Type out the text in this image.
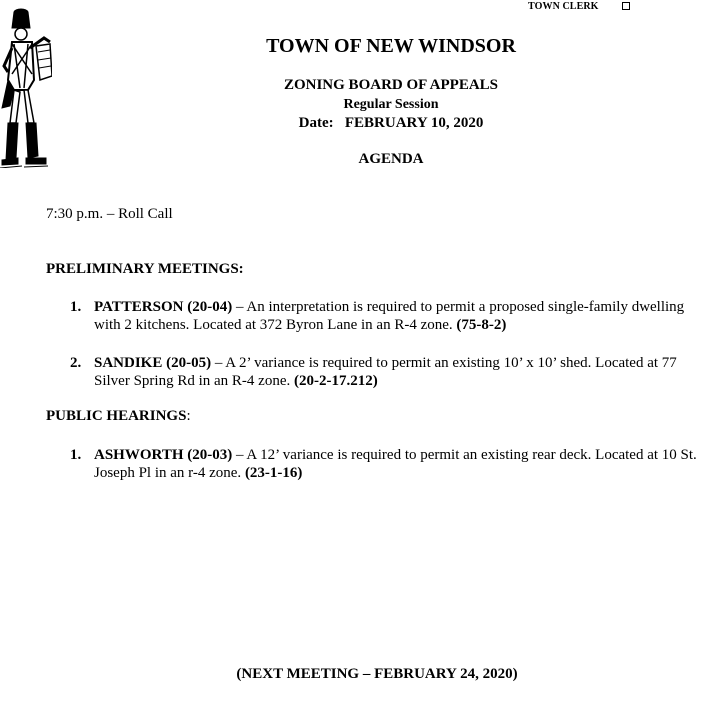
TOWN CLERK
TOWN OF NEW WINDSOR
ZONING BOARD OF APPEALS
Regular Session
Date: FEBRUARY 10, 2020
AGENDA
7:30 p.m. – Roll Call
PRELIMINARY MEETINGS:
1. PATTERSON (20-04) – An interpretation is required to permit a proposed single-family dwelling with 2 kitchens. Located at 372 Byron Lane in an R-4 zone. (75-8-2)
2. SANDIKE (20-05) – A 2’ variance is required to permit an existing 10’ x 10’ shed. Located at 77 Silver Spring Rd in an R-4 zone. (20-2-17.212)
PUBLIC HEARINGS:
1. ASHWORTH (20-03) – A 12’ variance is required to permit an existing rear deck. Located at 10 St. Joseph Pl in an r-4 zone. (23-1-16)
(NEXT MEETING – FEBRUARY 24, 2020)
